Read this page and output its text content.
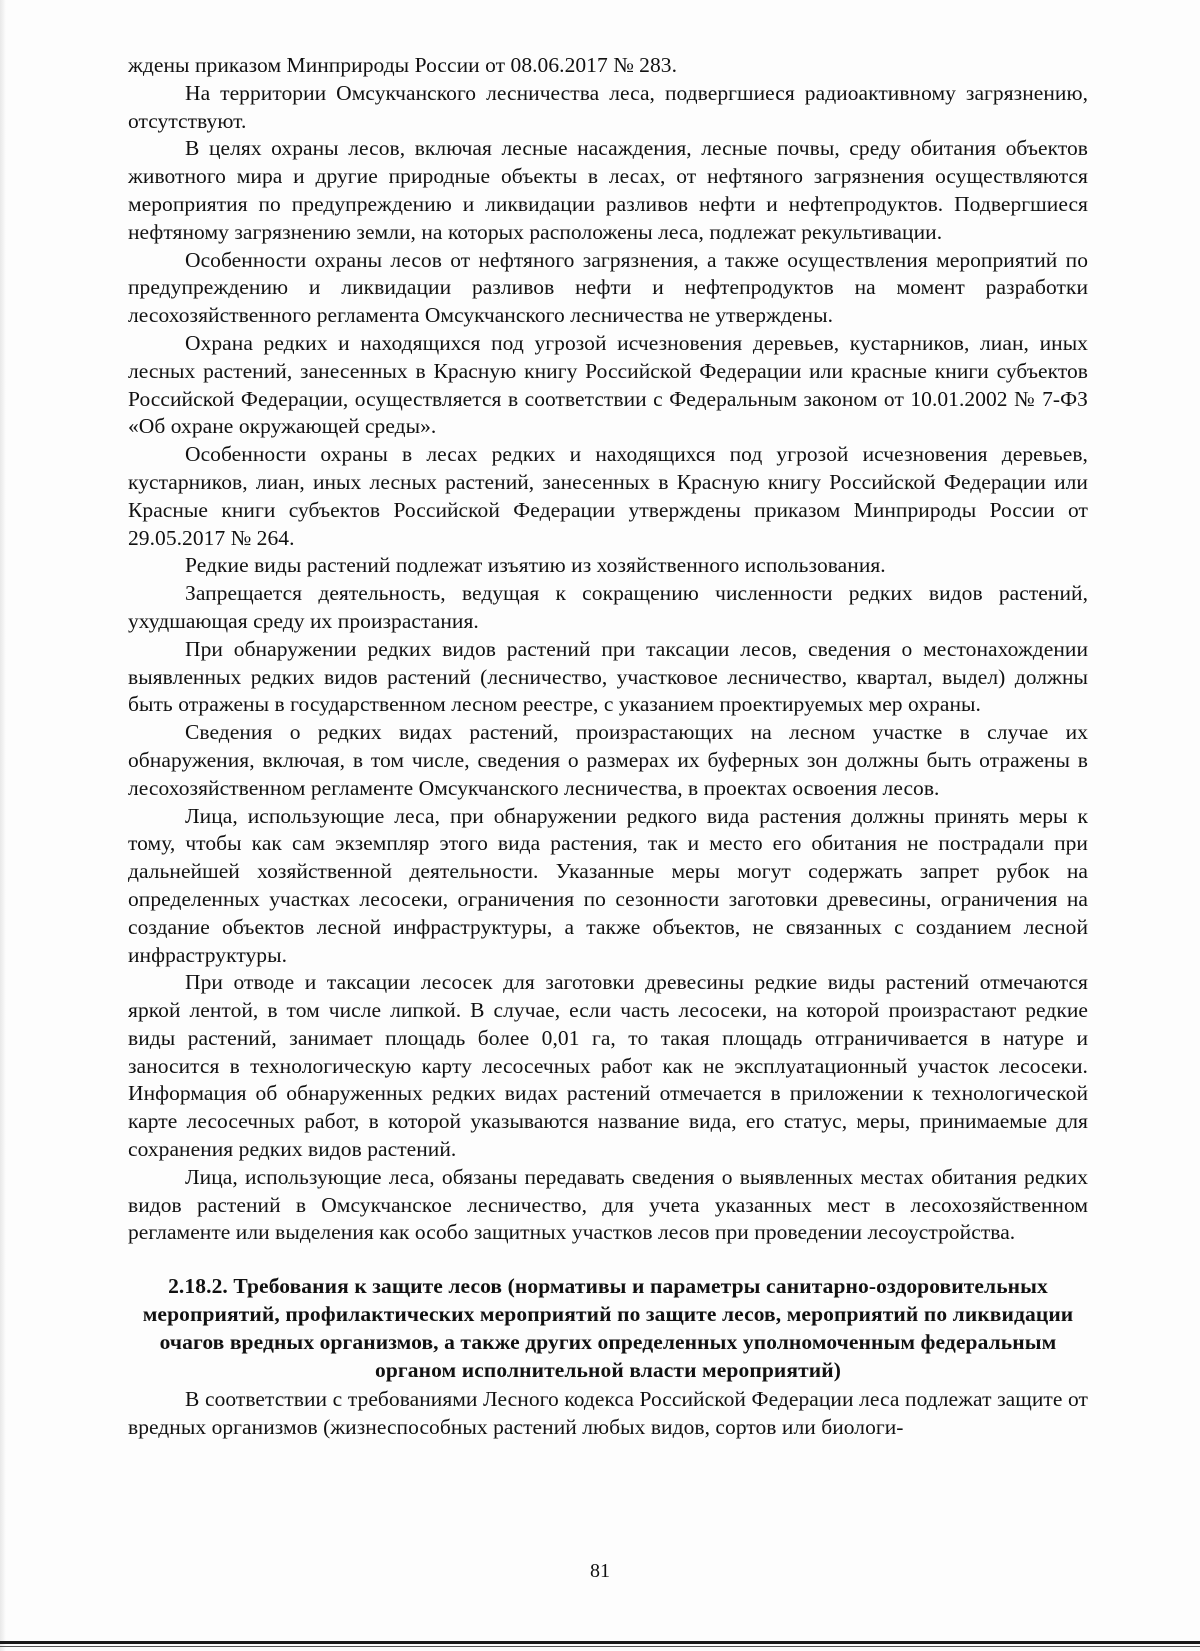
ждены приказом Минприроды России от 08.06.2017 № 283.

На территории Омсукчанского лесничества леса, подвергшиеся радиоактивному загрязнению, отсутствуют.

В целях охраны лесов, включая лесные насаждения, лесные почвы, среду обитания объектов животного мира и другие природные объекты в лесах, от нефтяного загрязнения осуществляются мероприятия по предупреждению и ликвидации разливов нефти и нефтепродуктов. Подвергшиеся нефтяному загрязнению земли, на которых расположены леса, подлежат рекультивации.

Особенности охраны лесов от нефтяного загрязнения, а также осуществления мероприятий по предупреждению и ликвидации разливов нефти и нефтепродуктов на момент разработки лесохозяйственного регламента Омсукчанского лесничества не утверждены.

Охрана редких и находящихся под угрозой исчезновения деревьев, кустарников, лиан, иных лесных растений, занесенных в Красную книгу Российской Федерации или красные книги субъектов Российской Федерации, осуществляется в соответствии с Федеральным законом от 10.01.2002 № 7-ФЗ «Об охране окружающей среды».

Особенности охраны в лесах редких и находящихся под угрозой исчезновения деревьев, кустарников, лиан, иных лесных растений, занесенных в Красную книгу Российской Федерации или Красные книги субъектов Российской Федерации утверждены приказом Минприроды России от 29.05.2017 № 264.

Редкие виды растений подлежат изъятию из хозяйственного использования.

Запрещается деятельность, ведущая к сокращению численности редких видов растений, ухудшающая среду их произрастания.

При обнаружении редких видов растений при таксации лесов, сведения о местонахождении выявленных редких видов растений (лесничество, участковое лесничество, квартал, выдел) должны быть отражены в государственном лесном реестре, с указанием проектируемых мер охраны.

Сведения о редких видах растений, произрастающих на лесном участке в случае их обнаружения, включая, в том числе, сведения о размерах их буферных зон должны быть отражены в лесохозяйственном регламенте Омсукчанского лесничества, в проектах освоения лесов.

Лица, использующие леса, при обнаружении редкого вида растения должны принять меры к тому, чтобы как сам экземпляр этого вида растения, так и место его обитания не пострадали при дальнейшей хозяйственной деятельности. Указанные меры могут содержать запрет рубок на определенных участках лесосеки, ограничения по сезонности заготовки древесины, ограничения на создание объектов лесной инфраструктуры, а также объектов, не связанных с созданием лесной инфраструктуры.

При отводе и таксации лесосек для заготовки древесины редкие виды растений отмечаются яркой лентой, в том числе липкой. В случае, если часть лесосеки, на которой произрастают редкие виды растений, занимает площадь более 0,01 га, то такая площадь отграничивается в натуре и заносится в технологическую карту лесосечных работ как не эксплуатационный участок лесосеки. Информация об обнаруженных редких видах растений отмечается в приложении к технологической карте лесосечных работ, в которой указываются название вида, его статус, меры, принимаемые для сохранения редких видов растений.

Лица, использующие леса, обязаны передавать сведения о выявленных местах обитания редких видов растений в Омсукчанское лесничество, для учета указанных мест в лесохозяйственном регламенте или выделения как особо защитных участков лесов при проведении лесоустройства.

2.18.2. Требования к защите лесов (нормативы и параметры санитарно-оздоровительных мероприятий, профилактических мероприятий по защите лесов, мероприятий по ликвидации очагов вредных организмов, а также других определенных уполномоченным федеральным органом исполнительной власти мероприятий)

В соответствии с требованиями Лесного кодекса Российской Федерации леса подлежат защите от вредных организмов (жизнеспособных растений любых видов, сортов или биологи-

81
